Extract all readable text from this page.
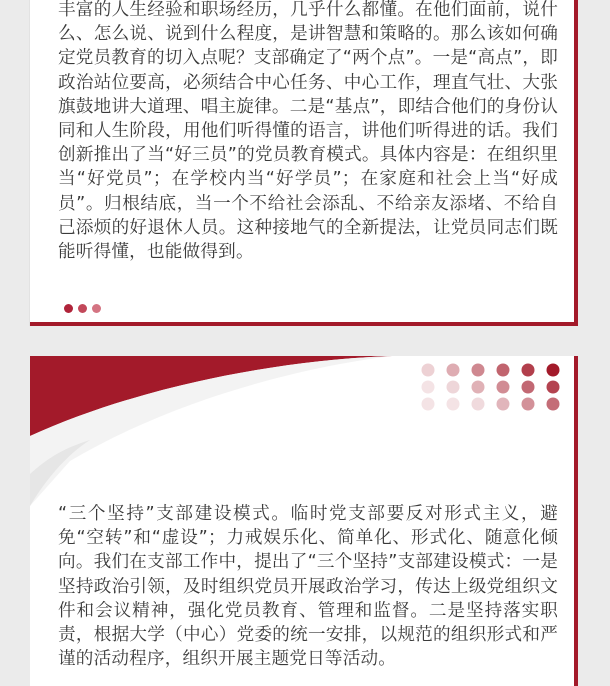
丰富的人生经验和职场经历，几乎什么都懂。在他们面前，说什么、怎么说、说到什么程度，是讲智慧和策略的。那么该如何确定党员教育的切入点呢？支部确定了“两个点”。一是“高点”，即政治站位要高，必须结合中心任务、中心工作，理直气壮、大张旗鼓地讲大道理、唱主旋律。二是“基点”，即结合他们的身份认同和人生阶段，用他们听得懂的语言，讲他们听得进的话。我们创新推出了当“好三员”的党员教育模式。具体内容是：在组织里当“好党员”；在学校内当“好学员”；在家庭和社会上当“好成员”。归根结底，当一个不给社会添乱、不给亲友添堵、不给自己添烦的好退休人员。这种接地气的全新提法，让党员同志们既能听得懂，也能做得到。

“三个坚持”支部建设模式。临时党支部要反对形式主义，避免“空转”和“虚设”；力戒娱乐化、简单化、形式化、随意化倾向。我们在支部工作中，提出了“三个坚持”支部建设模式：一是坚持政治引领，及时组织党员开展政治学习，传达上级党组织文件和会议精神，强化党员教育、管理和监督。二是坚持落实职责，根据大学（中心）党委的统一安排，以规范的组织形式和严谨的活动程序，组织开展主题党日等活动。
